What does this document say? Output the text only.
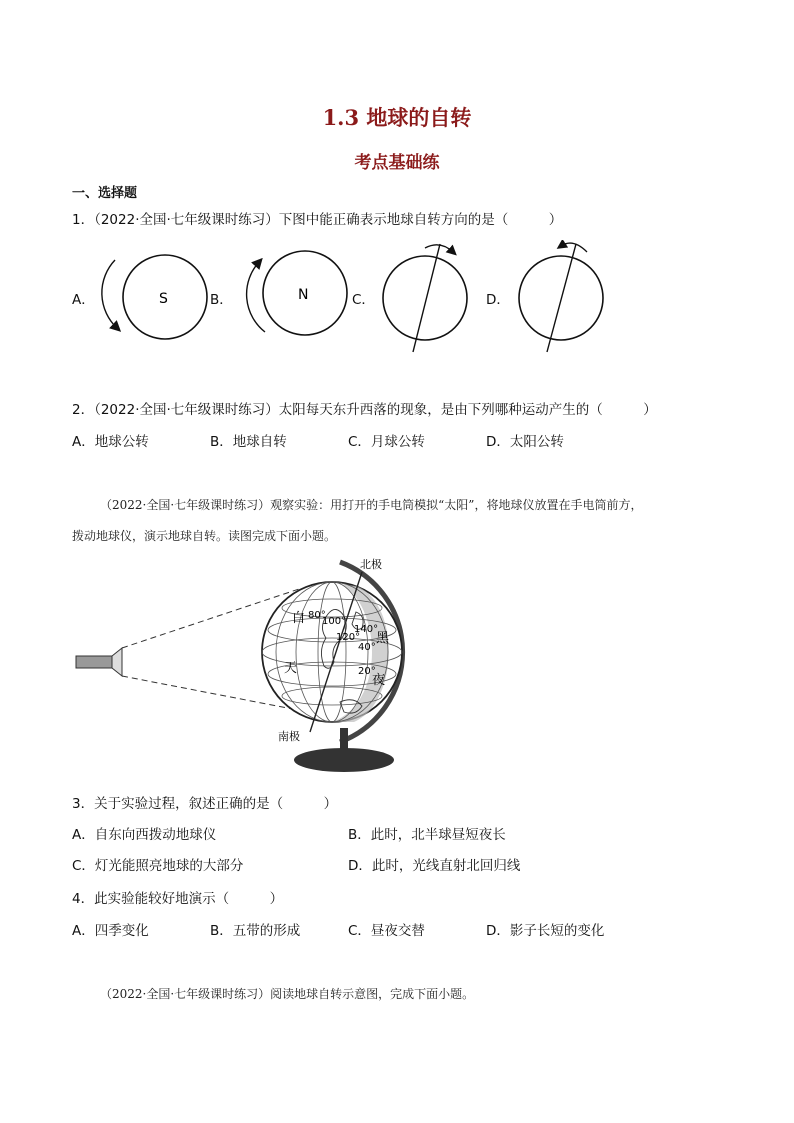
1.3 地球的自转
考点基础练
一、选择题
1．（2022·全国·七年级课时练习）下图中能正确表示地球自转方向的是（　　　）
A．	B．	C．	D．
S	N
2．（2022·全国·七年级课时练习）太阳每天东升西落的现象，是由下列哪种运动产生的（　　　）
A．地球公转	B．地球自转	C．月球公转	D．太阳公转
（2022·全国·七年级课时练习）观察实验：用打开的手电筒模拟“太阳”，将地球仪放置在手电筒前方，
拨动地球仪，演示地球自转。读图完成下面小题。
北极
南极
白
天
黑
夜
80°
100°
120°
140°
40°
20°
3．关于实验过程，叙述正确的是（　　　）
A．自东向西拨动地球仪	B．此时，北半球昼短夜长
C．灯光能照亮地球的大部分	D．此时，光线直射北回归线
4．此实验能较好地演示（　　　）
A．四季变化	B．五带的形成	C．昼夜交替	D．影子长短的变化
（2022·全国·七年级课时练习）阅读地球自转示意图，完成下面小题。
